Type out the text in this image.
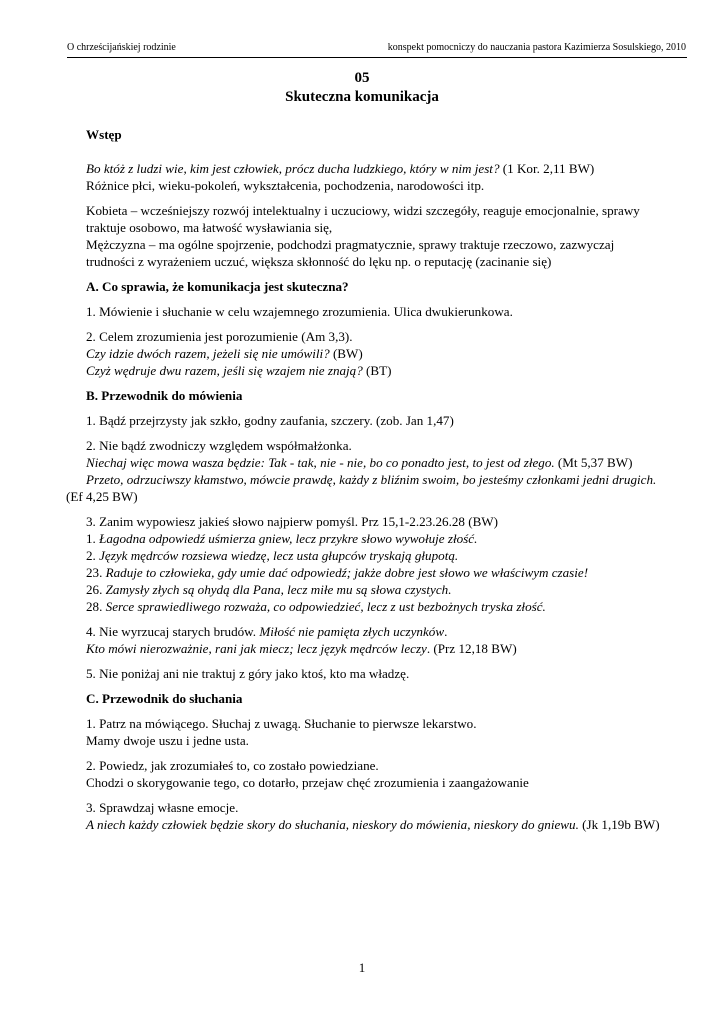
O chrześcijańskiej rodzinie	konspekt pomocniczy do nauczania pastora Kazimierza Sosulskiego, 2010
05
Skuteczna komunikacja

Wstęp

Bo któż z ludzi wie, kim jest człowiek, prócz ducha ludzkiego, który w nim jest? (1 Kor. 2,11 BW)

Różnice płci, wieku-pokoleń, wykształcenia, pochodzenia, narodowości itp.

Kobieta – wcześniejszy rozwój intelektualny i uczuciowy, widzi szczegóły, reaguje emocjonalnie, sprawy

traktuje osobowo, ma łatwość wysławiania się,

Mężczyzna – ma ogólne spojrzenie, podchodzi pragmatycznie, sprawy traktuje rzeczowo, zazwyczaj

trudności z wyrażeniem uczuć, większa skłonność do lęku np. o reputację (zacinanie się)

A. Co sprawia, że komunikacja jest skuteczna?

1. Mówienie i słuchanie w celu wzajemnego zrozumienia. Ulica dwukierunkowa.

2. Celem zrozumienia jest porozumienie (Am 3,3).

Czy idzie dwóch razem, jeżeli się nie umówili? (BW)

Czyż wędruje dwu razem, jeśli się wzajem nie znają? (BT)

B. Przewodnik do mówienia

1. Bądź przejrzysty jak szkło, godny zaufania, szczery. (zob. Jan 1,47)

2. Nie bądź zwodniczy względem współmałżonka.

Niechaj więc mowa wasza będzie: Tak - tak, nie - nie, bo co ponadto jest, to jest od złego. (Mt 5,37 BW)

Przeto, odrzuciwszy kłamstwo, mówcie prawdę, każdy z bliźnim swoim, bo jesteśmy członkami jedni drugich.

(Ef 4,25 BW)

3. Zanim wypowiesz jakieś słowo najpierw pomyśl. Prz 15,1-2.23.26.28 (BW)

1. Łagodna odpowiedź uśmierza gniew, lecz przykre słowo wywołuje złość.

2. Język mędrców rozsiewa wiedzę, lecz usta głupców tryskają głupotą.

23. Raduje to człowieka, gdy umie dać odpowiedź; jakże dobre jest słowo we właściwym czasie!

26. Zamysły złych są ohydą dla Pana, lecz miłe mu są słowa czystych.

28. Serce sprawiedliwego rozważa, co odpowiedzieć, lecz z ust bezbożnych tryska złość.

4. Nie wyrzucaj starych brudów. Miłość nie pamięta złych uczynków.

Kto mówi nierozważnie, rani jak miecz; lecz język mędrców leczy. (Prz 12,18 BW)

5. Nie poniżaj ani nie traktuj z góry jako ktoś, kto ma władzę.

C. Przewodnik do słuchania

1. Patrz na mówiącego. Słuchaj z uwagą. Słuchanie to pierwsze lekarstwo.

Mamy dwoje uszu i jedne usta.

2. Powiedz, jak zrozumiałeś to, co zostało powiedziane.

Chodzi o skorygowanie tego, co dotarło, przejaw chęć zrozumienia i zaangażowanie

3. Sprawdzaj własne emocje.

A niech każdy człowiek będzie skory do słuchania, nieskory do mówienia, nieskory do gniewu. (Jk 1,19b BW)

1
